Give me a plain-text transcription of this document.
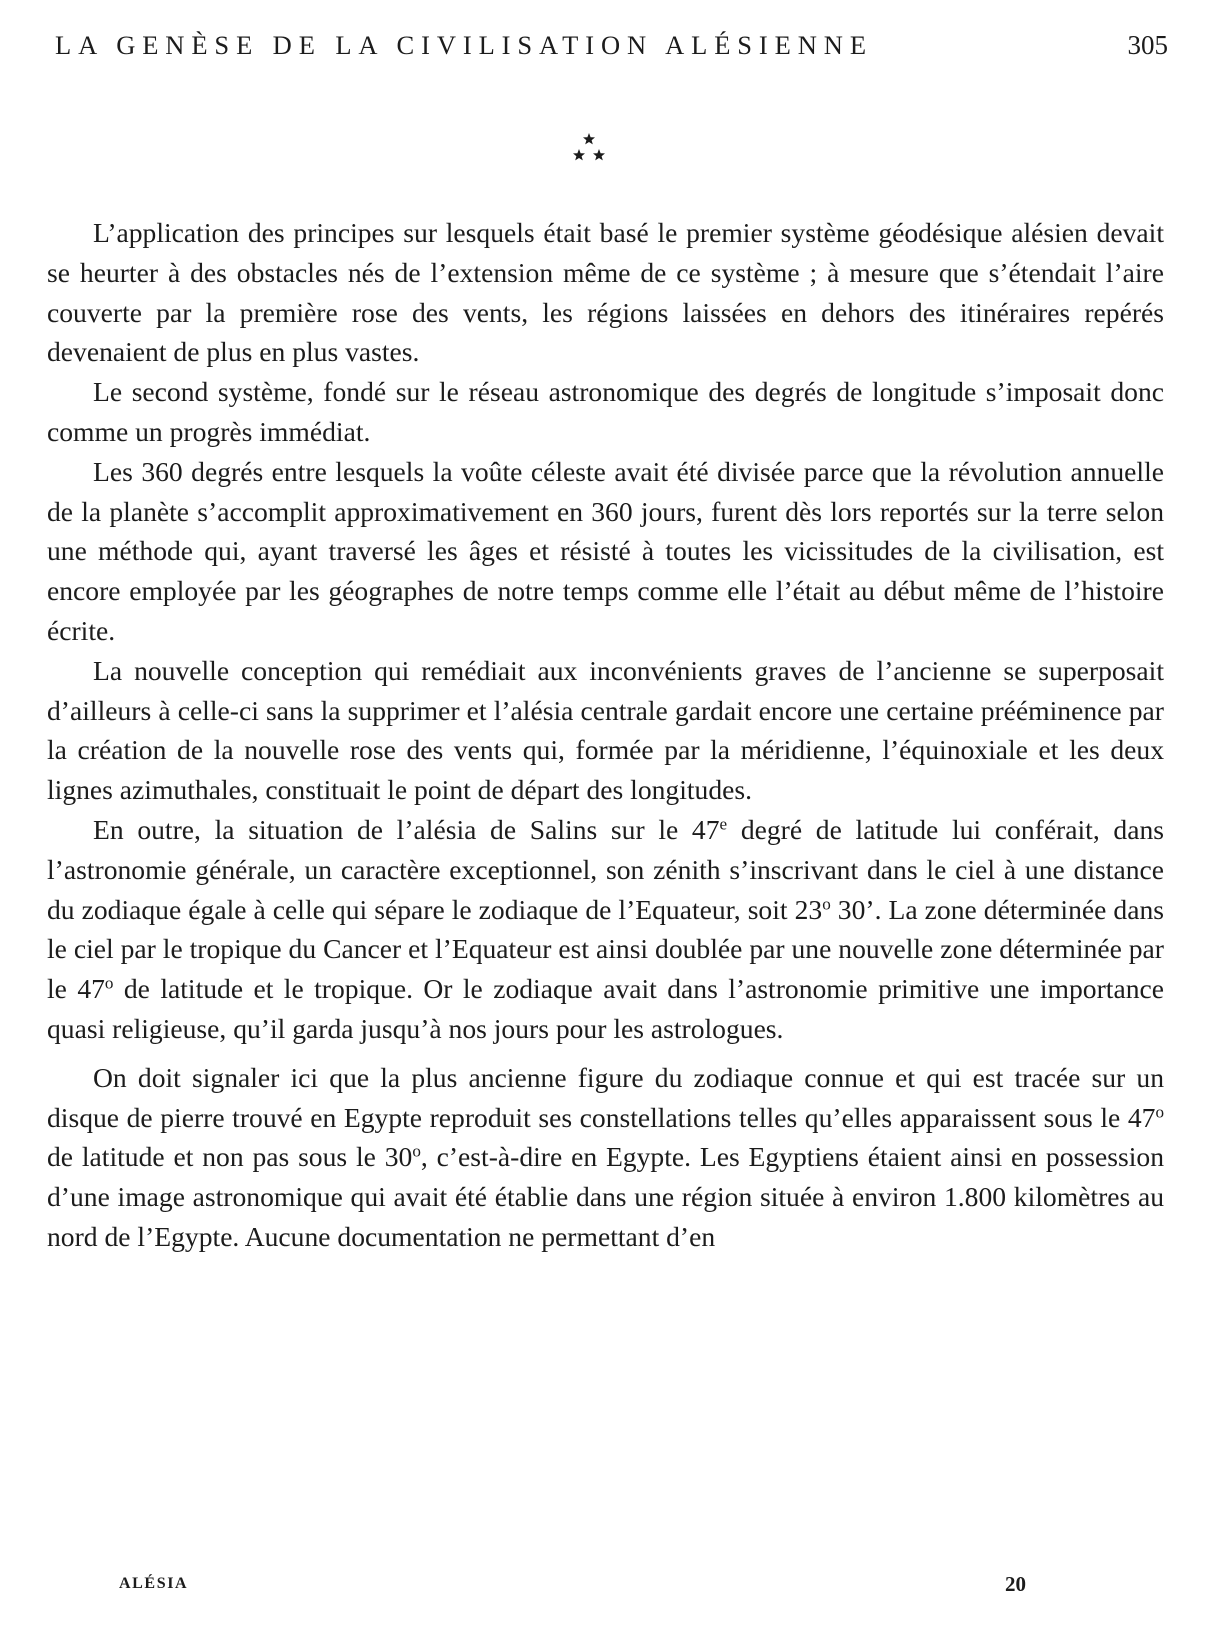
LA GENÈSE DE LA CIVILISATION ALÉSIENNE	305

L’application des principes sur lesquels était basé le premier système géodésique alésien devait se heurter à des obstacles nés de l’extension même de ce système ; à mesure que s’étendait l’aire couverte par la première rose des vents, les régions laissées en dehors des itinéraires repérés devenaient de plus en plus vastes.

Le second système, fondé sur le réseau astronomique des degrés de longitude s’imposait donc comme un progrès immédiat.

Les 360 degrés entre lesquels la voûte céleste avait été divisée parce que la révolution annuelle de la planète s’accomplit approximativement en 360 jours, furent dès lors reportés sur la terre selon une méthode qui, ayant traversé les âges et résisté à toutes les vicissitudes de la civilisation, est encore employée par les géographes de notre temps comme elle l’était au début même de l’histoire écrite.

La nouvelle conception qui remédiait aux inconvénients graves de l’ancienne se superposait d’ailleurs à celle-ci sans la supprimer et l’alésia centrale gardait encore une certaine prééminence par la création de la nouvelle rose des vents qui, formée par la méridienne, l’équinoxiale et les deux lignes azimuthales, constituait le point de départ des longitudes.

En outre, la situation de l’alésia de Salins sur le 47e degré de latitude lui conférait, dans l’astronomie générale, un caractère exceptionnel, son zénith s’inscrivant dans le ciel à une distance du zodiaque égale à celle qui sépare le zodiaque de l’Equateur, soit 23$^o$ 30’. La zone déterminée dans le ciel par le tropique du Cancer et l’Equateur est ainsi doublée par une nouvelle zone déterminée par le 47$^o$ de latitude et le tropique. Or le zodiaque avait dans l’astronomie primitive une importance quasi religieuse, qu’il garda jusqu’à nos jours pour les astrologues.

On doit signaler ici que la plus ancienne figure du zodiaque connue et qui est tracée sur un disque de pierre trouvé en Egypte reproduit ses constellations telles qu’elles apparaissent sous le 47$^o$ de latitude et non pas sous le 30$^o$, c’est-à-dire en Egypte. Les Egyptiens étaient ainsi en possession d’une image astronomique qui avait été établie dans une région située à environ 1.800 kilomètres au nord de l’Egypte. Aucune documentation ne permettant d’en

ALÉSIA	20
